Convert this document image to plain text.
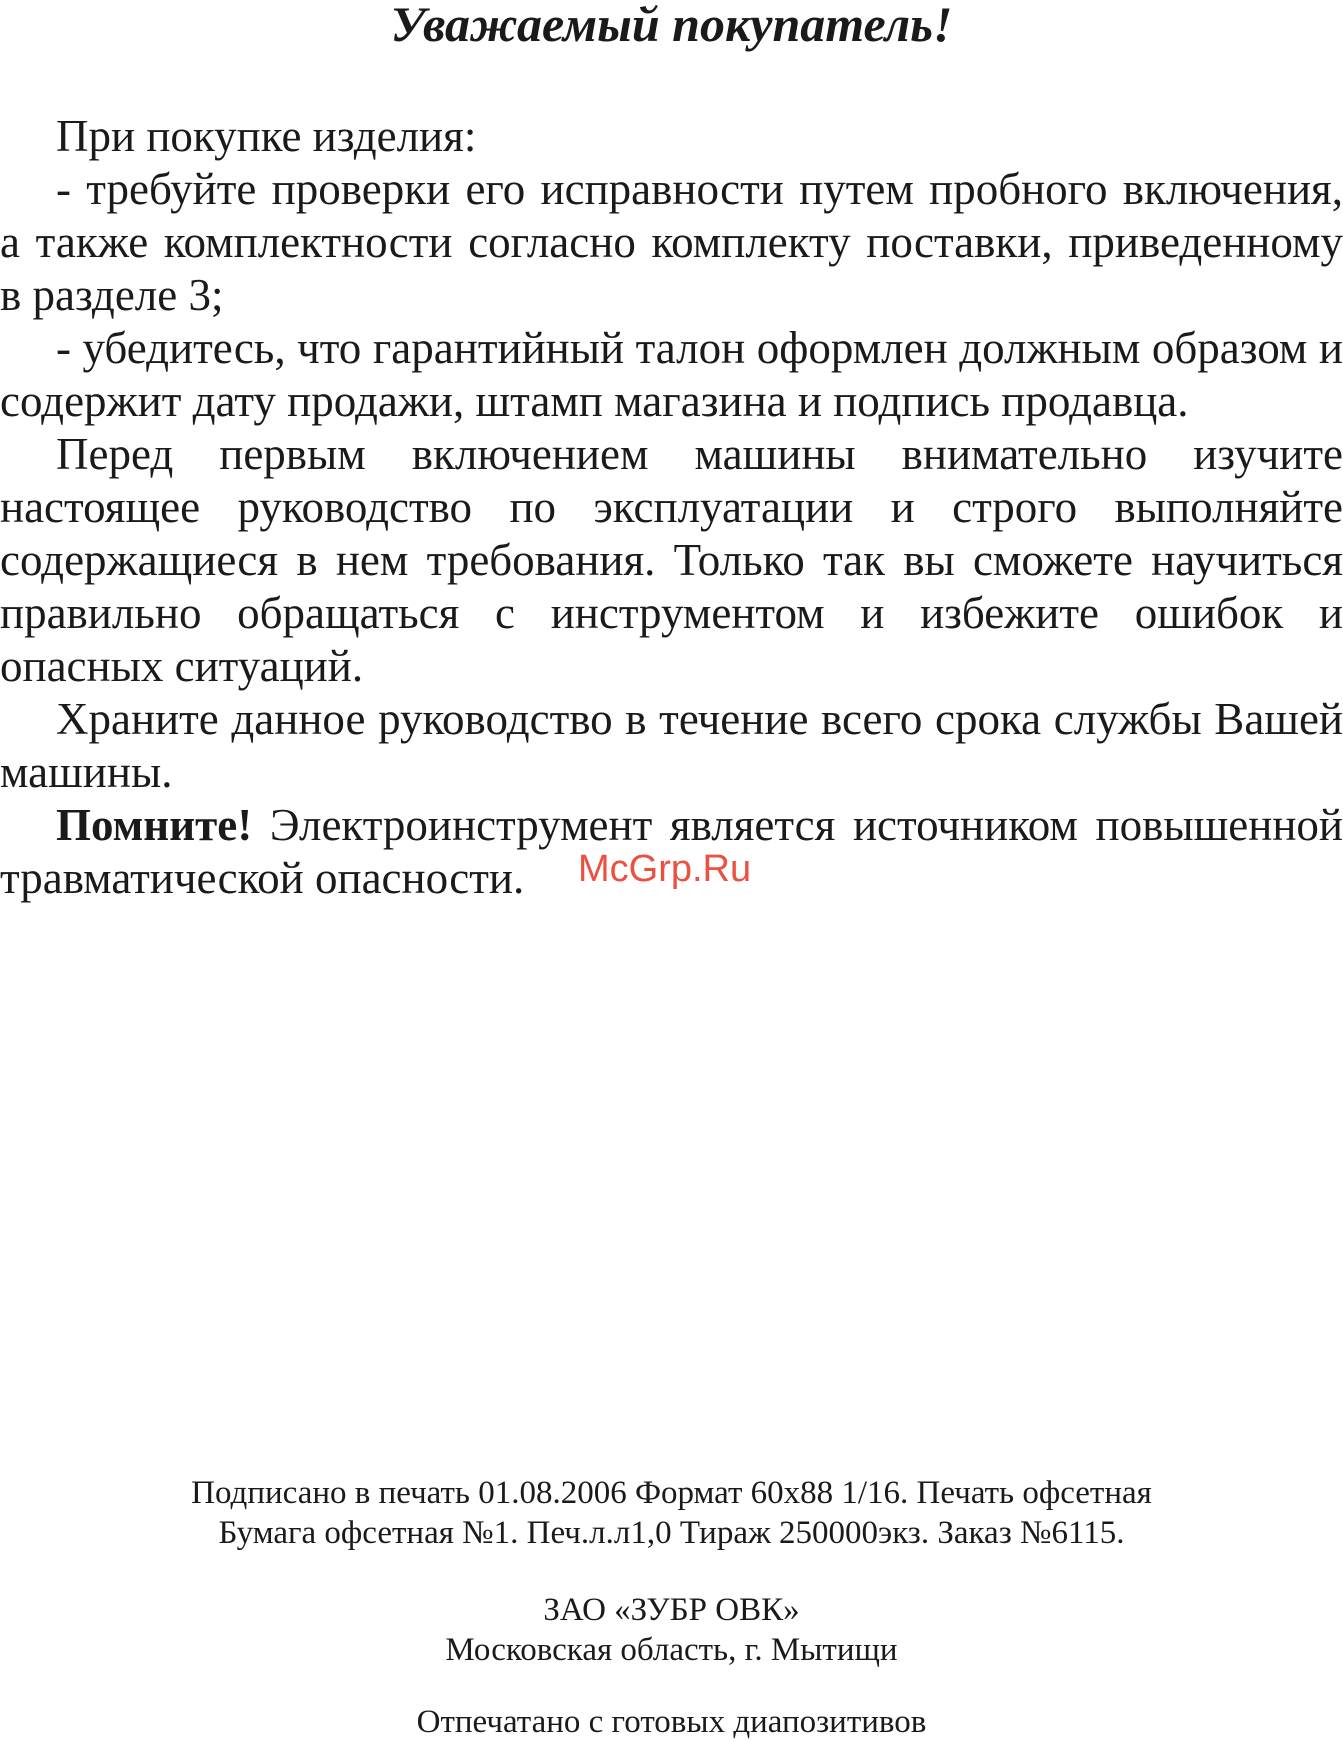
Уважаемый покупатель!

При покупке изделия:

- требуйте проверки его исправности путем пробного включения, а также комплектности согласно комплекту поставки, приведенному в разделе 3;

- убедитесь, что гарантийный талон оформлен должным образом и содержит дату продажи, штамп магазина и подпись продавца.

Перед первым включением машины внимательно изучите настоящее руководство по эксплуатации и строго выполняйте содержащиеся в нем требования. Только так вы сможете научиться правильно обращаться с инструментом и избежите ошибок и опасных ситуаций.

Храните данное руководство в течение всего срока службы Вашей машины.

Помните! Электроинструмент является источником повышенной травматической опасности.	McGrp.Ru
Подписано в печать 01.08.2006 Формат 60x88 1/16. Печать офсетная
Бумага офсетная №1. Печ.л.л1,0 Тираж 250000экз. Заказ №6115.
ЗАО «ЗУБР ОВК»
Московская область, г. Мытищи
Отпечатано с готовых диапозитивов
